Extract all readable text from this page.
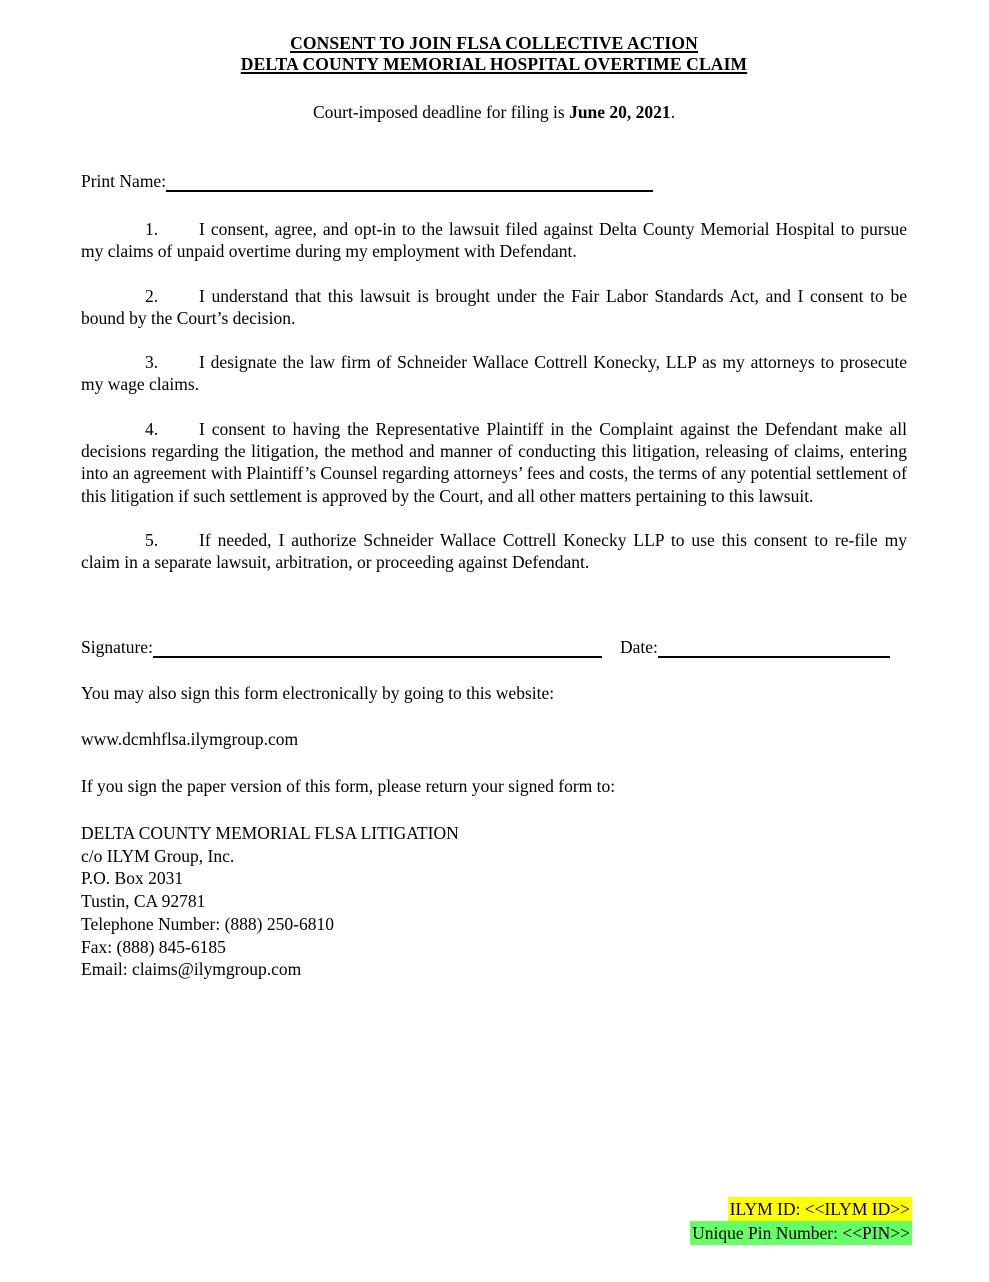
CONSENT TO JOIN FLSA COLLECTIVE ACTION
DELTA COUNTY MEMORIAL HOSPITAL OVERTIME CLAIM
Court-imposed deadline for filing is June 20, 2021.
Print Name:
1. I consent, agree, and opt-in to the lawsuit filed against Delta County Memorial Hospital to pursue my claims of unpaid overtime during my employment with Defendant.
2. I understand that this lawsuit is brought under the Fair Labor Standards Act, and I consent to be bound by the Court’s decision.
3. I designate the law firm of Schneider Wallace Cottrell Konecky, LLP as my attorneys to prosecute my wage claims.
4. I consent to having the Representative Plaintiff in the Complaint against the Defendant make all decisions regarding the litigation, the method and manner of conducting this litigation, releasing of claims, entering into an agreement with Plaintiff’s Counsel regarding attorneys’ fees and costs, the terms of any potential settlement of this litigation if such settlement is approved by the Court, and all other matters pertaining to this lawsuit.
5. If needed, I authorize Schneider Wallace Cottrell Konecky LLP to use this consent to re-file my claim in a separate lawsuit, arbitration, or proceeding against Defendant.
Signature:	Date:
You may also sign this form electronically by going to this website:
www.dcmhflsa.ilymgroup.com
If you sign the paper version of this form, please return your signed form to:
DELTA COUNTY MEMORIAL FLSA LITIGATION
c/o ILYM Group, Inc.
P.O. Box 2031
Tustin, CA 92781
Telephone Number: (888) 250-6810
Fax: (888) 845-6185
Email: claims@ilymgroup.com
ILYM ID: <<ILYM ID>>
Unique Pin Number: <<PIN>>
